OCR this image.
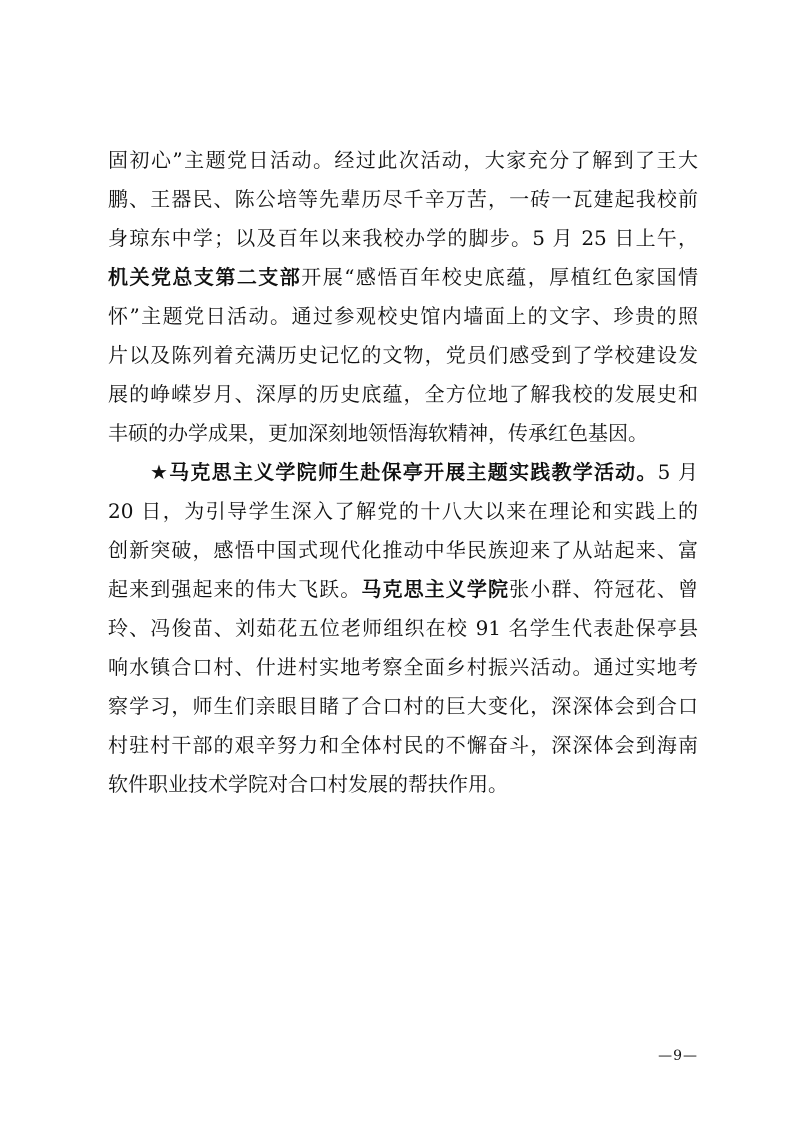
固初心”主题党日活动。经过此次活动，大家充分了解到了王大
鹏、王器民、陈公培等先辈历尽千辛万苦，一砖一瓦建起我校前
身琼东中学；以及百年以来我校办学的脚步。5 月 25 日上午，
机关党总支第二支部开展“感悟百年校史底蕴，厚植红色家国情
怀”主题党日活动。通过参观校史馆内墙面上的文字、珍贵的照
片以及陈列着充满历史记忆的文物，党员们感受到了学校建设发
展的峥嵘岁月、深厚的历史底蕴，全方位地了解我校的发展史和
丰硕的办学成果，更加深刻地领悟海软精神，传承红色基因。
★马克思主义学院师生赴保亭开展主题实践教学活动。5 月
20 日，为引导学生深入了解党的十八大以来在理论和实践上的
创新突破，感悟中国式现代化推动中华民族迎来了从站起来、富
起来到强起来的伟大飞跃。马克思主义学院张小群、符冠花、曾
玲、冯俊苗、刘茹花五位老师组织在校 91 名学生代表赴保亭县
响水镇合口村、什进村实地考察全面乡村振兴活动。通过实地考
察学习，师生们亲眼目睹了合口村的巨大变化，深深体会到合口
村驻村干部的艰辛努力和全体村民的不懈奋斗，深深体会到海南
软件职业技术学院对合口村发展的帮扶作用。
—9—
